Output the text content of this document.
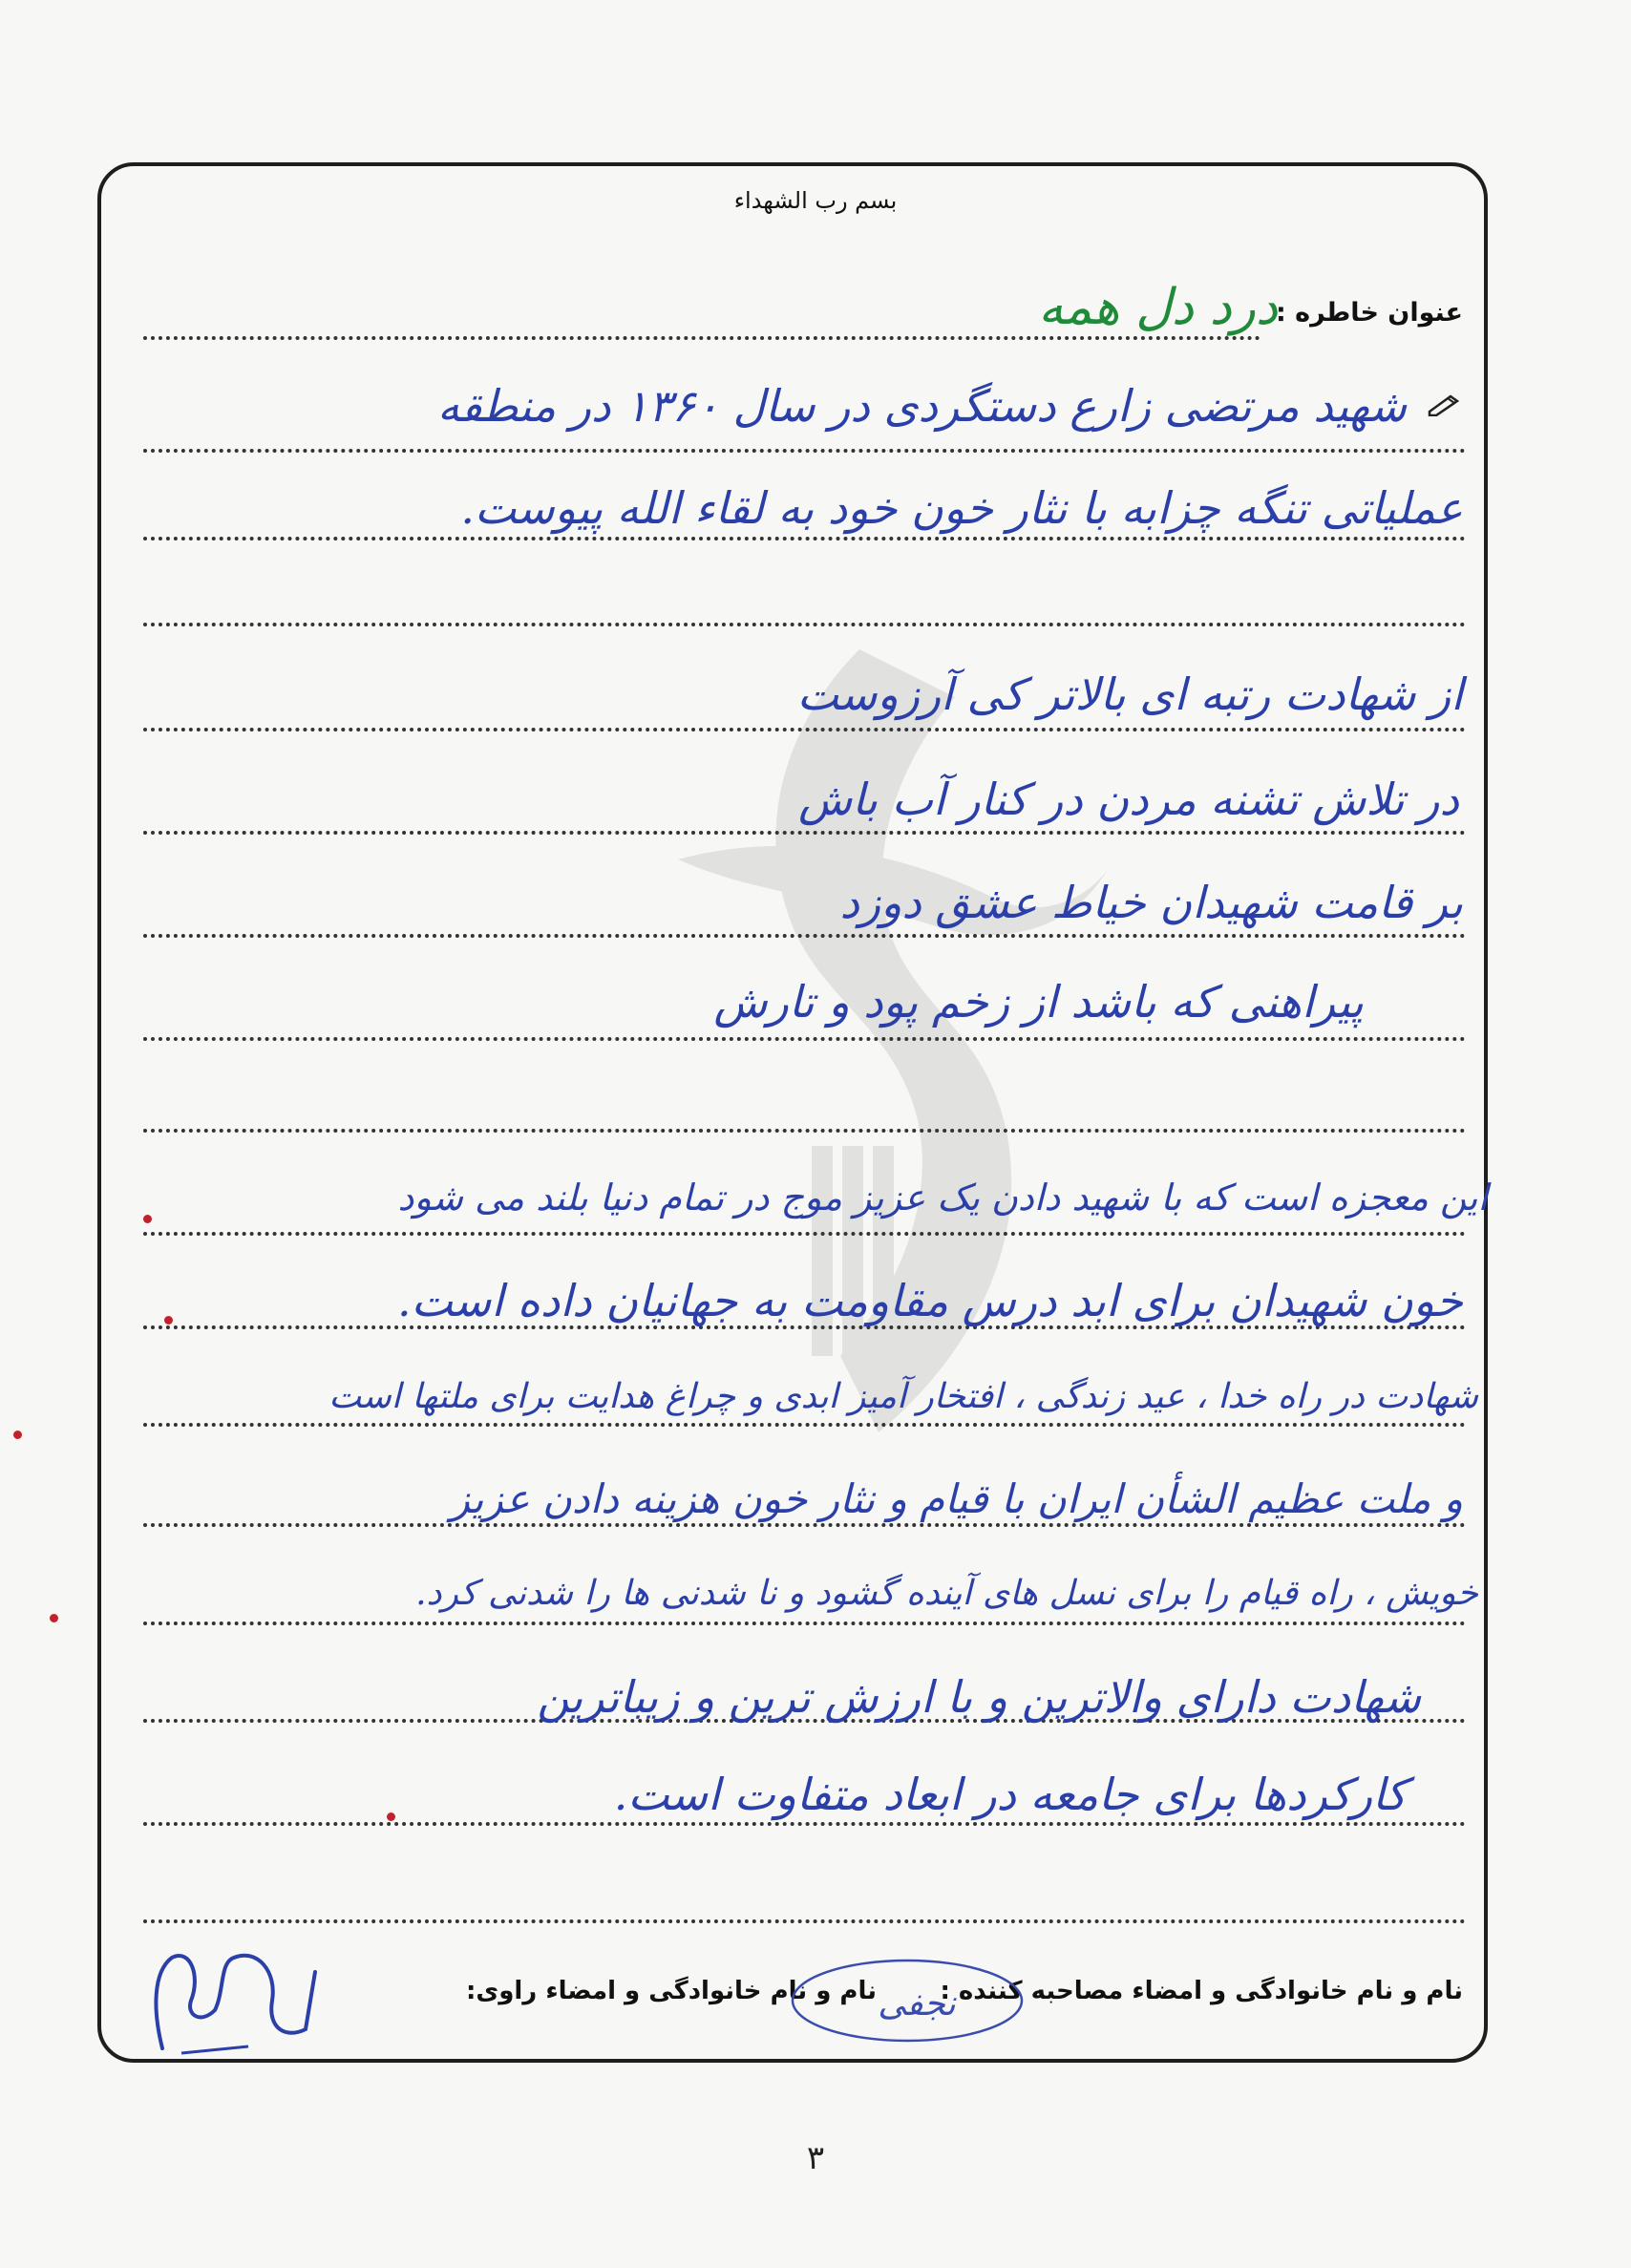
بسم رب الشهداء
عنوان خاطره :
درد دل همه
شهید مرتضی زارع دستگردی در سال ۱۳۶۰ در منطقه
عملیاتی تنگه چزابه با نثار خون خود به لقاء الله پیوست.
از شهادت رتبه ای بالاتر کی آرزوست
در تلاش تشنه مردن در کنار آب باش
بر قامت شهیدان خیاط عشق دوزد
پیراهنی که باشد از زخم پود و تارش
این معجزه است که با شهید دادن یک عزیز موج در تمام دنیا بلند می شود
خون شهیدان برای ابد درس مقاومت به جهانیان داده است.
شهادت در راه خدا ، عید زندگی ، افتخار آمیز ابدی و چراغ هدایت برای ملتها است
و ملت عظیم الشأن ایران با قیام و نثار خون هزینه دادن عزیز
خویش ، راه قیام را برای نسل های آینده گشود و نا شدنی ها را شدنی کرد.
شهادت دارای والاترین و با ارزش ترین و زیباترین
کارکردها برای جامعه در ابعاد متفاوت است.
نام و نام خانوادگی و امضاء مصاحبه کننده :
نام و نام خانوادگی و امضاء راوی: نجفی
۳
